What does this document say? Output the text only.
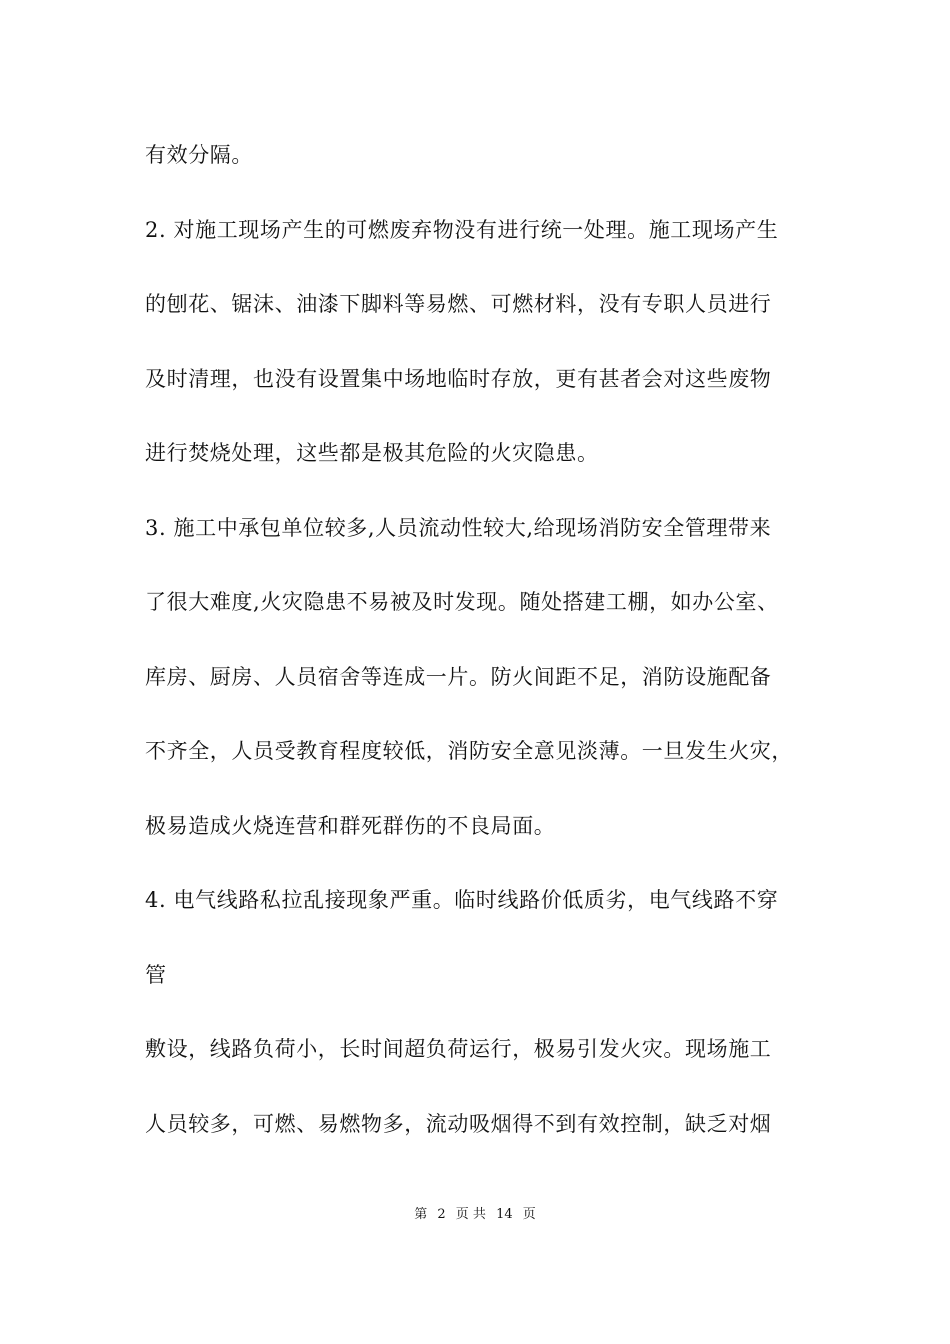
有效分隔。
2. 对施工现场产生的可燃废弃物没有进行统一处理。施工现场产生
的刨花、锯沫、油漆下脚料等易燃、可燃材料，没有专职人员进行
及时清理，也没有设置集中场地临时存放，更有甚者会对这些废物
进行焚烧处理，这些都是极其危险的火灾隐患。
3. 施工中承包单位较多,人员流动性较大,给现场消防安全管理带来
了很大难度,火灾隐患不易被及时发现。随处搭建工棚，如办公室、
库房、厨房、人员宿舍等连成一片。防火间距不足，消防设施配备
不齐全，人员受教育程度较低，消防安全意见淡薄。一旦发生火灾，
极易造成火烧连营和群死群伤的不良局面。
4. 电气线路私拉乱接现象严重。临时线路价低质劣，电气线路不穿
管
敷设，线路负荷小，长时间超负荷运行，极易引发火灾。现场施工
人员较多，可燃、易燃物多，流动吸烟得不到有效控制，缺乏对烟
第 2 页 共 14 页
